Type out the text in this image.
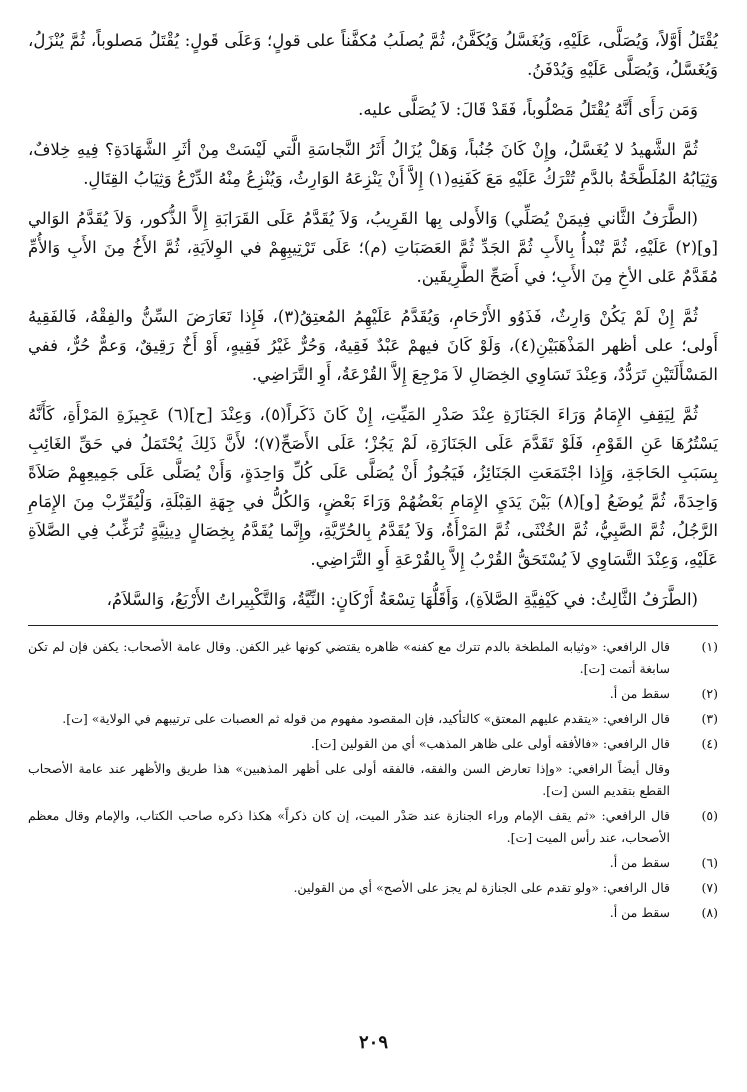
يُقْتَلُ أَوَّلاً، وَيُصَلَّى، عَلَيْهِ، وَيُغَسَّلُ وَيُكَفَّنُ، ثُمَّ يُصلَبُ مُكفَّناً على قولٍ؛ وَعَلَى قَولٍ: يُقْتَلُ مَصلوباً، ثُمَّ يُنْزَلُ، وَيُغَسَّلُ، وَيُصَلَّى عَلَيْهِ وَيُدْفَنُ.

وَمَن رَأَى أَنَّهُ يُقْتَلُ مَصْلُوباً، فَقَدْ قَالَ: لاَ يُصَلَّى عليه.

ثُمَّ الشَّهيدُ لا يُغَسَّلُ، وإِنْ كَانَ جُنُباً، وَهَلْ يُزَالُ أَثَرُ النَّجاسَةِ الَّتي لَيْسَتْ مِنْ أثَرِ الشَّهَادَةِ؟ فِيهِ خِلافٌ، وَثِيَابُهُ المُلَطَّخَةُ بالدَّمِ تُتْرَكُ عَلَيْهِ مَعَ كَفَنِهِ(١) إِلاَّ أَنْ يَنْزِعَهُ الوَارِثُ، وَيُنْزِعُ مِنْهُ الدِّرْعُ وَثِيَابُ القِتَالِ.

(الطَّرَفُ الثَّاني فِيمَنْ يُصَلِّي) وَالأَولى بِها القَرِيبُ، وَلاَ يُقَدَّمُ عَلَى القَرَابَةِ إِلاَّ الذُّكور، وَلاَ يُقَدَّمُ الوَالي [و](٢) عَلَيْهِ، ثُمَّ تُبْدأُ بِالأَبِ ثُمَّ الجَدِّ ثُمَّ العَصَبَاتِ (م)؛ عَلَى تَرْتِيبِهِمْ في الوِلاَيَةِ، ثُمَّ الأَخُ مِنَ الأَبِ وَالأُمِّ مُقَدَّمٌ عَلى الأخِ مِنَ الأَبِ؛ في أَصَحِّ الطَّرِيقَين.

ثُمَّ إِنْ لَمْ يَكُنْ وَارِثٌ، فَذَوُو الأَرْحَامِ، وَيُقَدَّمُ عَلَيْهِمُ المُعتِقُ(٣)، فَإِذا تَعَارَضَ السِّنُّ والفِقْهُ، فَالفَقِيهُ أَولى؛ على أظهر المَذْهَبَيْنِ(٤)، وَلَوْ كَانَ فيهمْ عَبْدٌ فَقِيهٌ، وَحُرٌّ غَيْرُ فَقِيهٍ، أَوْ أَخٌ رَقِيقٌ، وَعمٌّ حُرٌّ، ففي المَسْأَلَتَيْنِ تَرَدُّدٌ، وَعِنْدَ تَسَاوِي الخِصَالِ لاَ مَرْجِعَ إِلاَّ القُرْعَةُ، أَوِ التَّرَاضِي.

ثُمَّ لِيَقِفِ الإِمَامُ وَرَاءَ الجَنَازَةِ عِنْدَ صَدْرِ المَيِّتِ، إِنْ كَانَ ذَكَراً(٥)، وَعِنْدَ [ح](٦) عَجِيزَةِ المَرْأَةِ، كَأَنَّهُ يَسْتُرُهَا عَنِ القَوْمِ، فَلَوْ تَقَدَّمَ عَلَى الجَنَازَةِ، لَمْ يَجُزْ؛ عَلَى الأَصَحِّ(٧)؛ لأَنَّ ذَلِكَ يُحْتَمَلُ في حَقِّ الغَائِبِ بِسَبَبِ الحَاجَةِ، وَإِذا اجْتَمَعَتِ الجَنَائِزُ، فَيَجُوزُ أَنْ يُصَلَّى عَلَى كُلِّ وَاحِدَةٍ، وَأَنْ يُصَلَّى عَلَى جَمِيعِهِمْ صَلاَةً وَاحِدَةً، ثُمَّ يُوضَعُ [و](٨) بَيْنَ يَدَيِ الإِمَامِ بَعْضُهُمْ وَرَاءَ بَعْضٍ، وَالكُلُّ في جِهَةِ القِبْلَةِ، وَلْيُقَرِّبْ مِنَ الإِمَامِ الرَّجُلُ، ثُمَّ الصَّبِيُّ، ثُمَّ الخُنْثَى، ثُمَّ المَرْأَةُ، وَلاَ يُقَدَّمُ بِالحُرِّيَّةِ، وإِنَّما يُقَدَّمُ بِخِصَالٍ دِينِيَّةٍ تُرَغِّبُ فِي الصَّلاَةِ عَلَيْهِ، وَعِنْدَ التَّسَاوِي لاَ يُسْتَحَقُّ القُرْبُ إِلاَّ بِالقُرْعَةِ أَوِ التَّرَاضِي.

(الطَّرَفُ الثَّالِثُ: في كَيْفِيَّةِ الصَّلاَةِ)، وَأَقَلُّهَا تِسْعَةُ أَرْكَانٍ: النِّيَّةُ، وَالتَّكْبِيراتُ الأَرْبَعُ، وَالسَّلاَمُ،

(١)
قال الرافعي: «وثيابه الملطخة بالدم تترك مع كفنه» ظاهره يقتضي كونها غير الكفن. وقال عامة الأصحاب: يكفن فإن لم تكن سابغة أتمت [ت].
(٢)
سقط من أ.
(٣)
قال الرافعي: «يتقدم عليهم المعتق» كالتأكيد، فإن المقصود مفهوم من قوله ثم العصبات على ترتيبهم في الولاية» [ت].
(٤)
قال الرافعي: «فالأفقه أولى على ظاهر المذهب» أي من القولين [ت].
وقال أيضاً الرافعي: «وإذا تعارض السن والفقه، فالفقه أولى على أظهر المذهبين» هذا طريق والأظهر عند عامة الأصحاب القطع بتقديم السن [ت].
(٥)
قال الرافعي: «ثم يقف الإمام وراء الجنازة عند صَدْر الميت، إن كان ذكراً» هكذا ذكره صاحب الكتاب، والإمام وقال معظم الأصحاب، عند رأس الميت [ت].
(٦)
سقط من أ.
(٧)
قال الرافعي: «ولو تقدم على الجنازة لم يجز على الأصح» أي من القولين.
(٨)
سقط من أ.
٢٠٩
